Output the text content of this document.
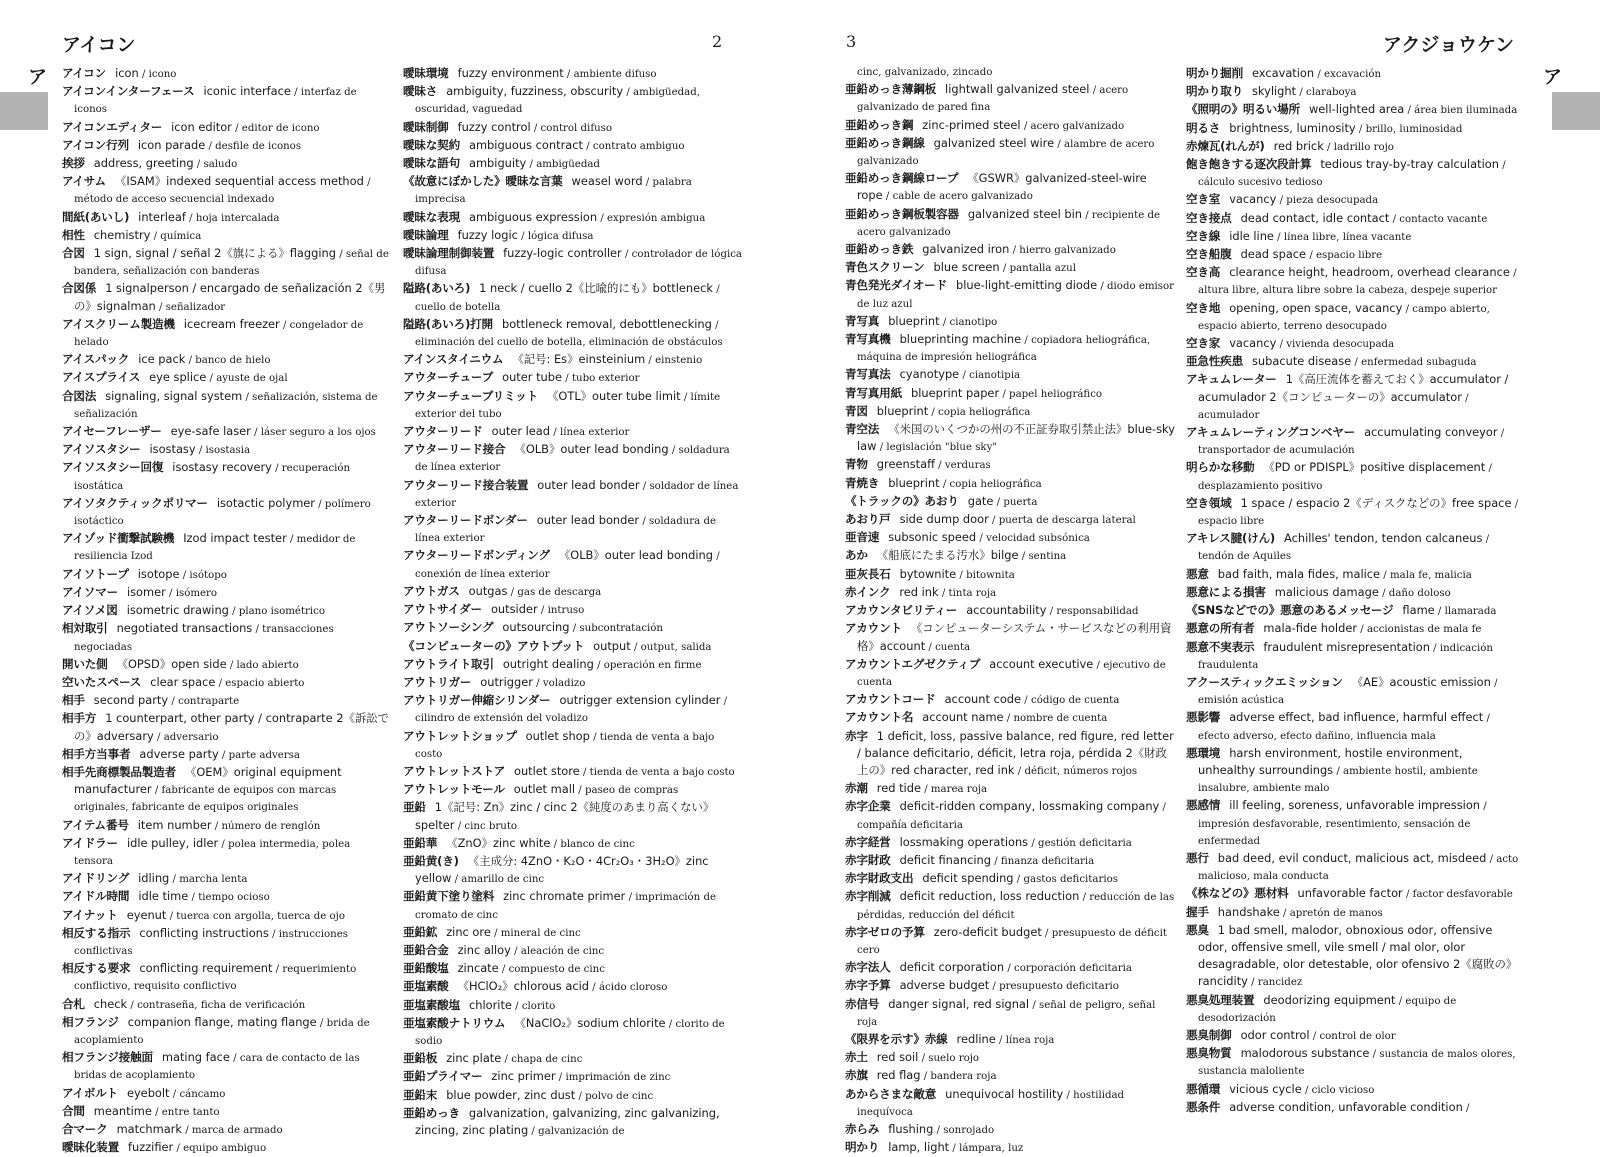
アイコン	2
ア アイコン icon / icono

アイコンインターフェース iconic interface / interfaz de iconos

アイコンエディター icon editor / editor de icono

アイコン行列 icon parade / desfile de iconos

挨拶 address, greeting / saludo

アイサム 《ISAM》indexed sequential access method / método de acceso secuencial indexado

間紙(あいし) interleaf / hoja intercalada

相性 chemistry / química

合図 1 sign, signal / señal 2《旗による》flagging / señal de bandera, señalización con banderas

合図係 1 signalperson / encargado de señalización 2《男の》signalman / señalizador

アイスクリーム製造機 icecream freezer / congelador de helado

アイスパック ice pack / banco de hielo

アイスプライス eye splice / ayuste de ojal

合図法 signaling, signal system / señalización, sistema de señalización

アイセーフレーザー eye-safe laser / láser seguro a los ojos

アイソスタシー isostasy / isostasia

アイソスタシー回復 isostasy recovery / recuperación isostática

アイソタクティックポリマー isotactic polymer / polímero isotáctico

アイゾッド衝撃試験機 Izod impact tester / medidor de resiliencia Izod

アイソトープ isotope / isótopo

アイソマー isomer / isómero

アイソメ図 isometric drawing / plano isométrico

相対取引 negotiated transactions / transacciones negociadas

開いた側 《OPSD》open side / lado abierto

空いたスペース clear space / espacio abierto

相手 second party / contraparte

相手方 1 counterpart, other party / contraparte 2《訴訟での》adversary / adversario

相手方当事者 adverse party / parte adversa

相手先商標製品製造者 《OEM》original equipment manufacturer / fabricante de equipos con marcas originales, fabricante de equipos originales

アイテム番号 item number / número de renglón

アイドラー idle pulley, idler / polea intermedia, polea tensora

アイドリング idling / marcha lenta

アイドル時間 idle time / tiempo ocioso

アイナット eyenut / tuerca con argolla, tuerca de ojo

相反する指示 conflicting instructions / instrucciones conflictivas

相反する要求 conflicting requirement / requerimiento conflictivo, requisito conflictivo

合札 check / contraseña, ficha de verificación

相フランジ companion flange, mating flange / brida de acoplamiento

相フランジ接触面 mating face / cara de contacto de las bridas de acoplamiento

アイボルト eyebolt / cáncamo

合間 meantime / entre tanto

合マーク matchmark / marca de armado

曖昧化装置 fuzzifier / equipo ambiguo

曖昧環境 fuzzy environment / ambiente difuso

曖昧さ ambiguity, fuzziness, obscurity / ambigüedad, oscuridad, vaguedad

曖昧制御 fuzzy control / control difuso

曖昧な契約 ambiguous contract / contrato ambiguo

曖昧な語句 ambiguity / ambigüedad

《故意にぼかした》曖昧な言葉 weasel word / palabra imprecisa

曖昧な表現 ambiguous expression / expresión ambigua

曖昧論理 fuzzy logic / lógica difusa

曖昧論理制御装置 fuzzy-logic controller / controlador de lógica difusa

隘路(あいろ) 1 neck / cuello 2《比喩的にも》bottleneck / cuello de botella

隘路(あいろ)打開 bottleneck removal, debottlenecking / eliminación del cuello de botella, eliminación de obstáculos

アインスタイニウム 《記号: Es》einsteinium / einstenio

アウターチューブ outer tube / tubo exterior

アウターチューブリミット 《OTL》outer tube limit / límite exterior del tubo

アウターリード outer lead / línea exterior

アウターリード接合 《OLB》outer lead bonding / soldadura de línea exterior

アウターリード接合装置 outer lead bonder / soldador de línea exterior

アウターリードボンダー outer lead bonder / soldadura de línea exterior

アウターリードボンディング 《OLB》outer lead bonding / conexión de línea exterior

アウトガス outgas / gas de descarga

アウトサイダー outsider / intruso

アウトソーシング outsourcing / subcontratación

《コンピューターの》アウトプット output / output, salida

アウトライト取引 outright dealing / operación en firme

アウトリガー outrigger / voladizo

アウトリガー伸縮シリンダー outrigger extension cylinder / cilindro de extensión del voladizo

アウトレットショップ outlet shop / tienda de venta a bajo costo

アウトレットストア outlet store / tienda de venta a bajo costo

アウトレットモール outlet mall / paseo de compras

亜鉛 1《記号: Zn》zinc / cinc 2《純度のあまり高くない》spelter / cinc bruto

亜鉛華 《ZnO》zinc white / blanco de cinc

亜鉛黄(き) 《主成分: 4ZnO・K₂O・4Cr₂O₃・3H₂O》zinc yellow / amarillo de cinc

亜鉛黄下塗り塗料 zinc chromate primer / imprimación de cromato de cinc

亜鉛鉱 zinc ore / mineral de cinc

亜鉛合金 zinc alloy / aleación de cinc

亜鉛酸塩 zincate / compuesto de cinc

亜塩素酸 《HClO₂》chlorous acid / ácido cloroso

亜塩素酸塩 chlorite / clorito

亜塩素酸ナトリウム 《NaClO₂》sodium chlorite / clorito de sodio

亜鉛板 zinc plate / chapa de cinc

亜鉛プライマー zinc primer / imprimación de zinc

亜鉛末 blue powder, zinc dust / polvo de cinc

亜鉛めっき galvanization, galvanizing, zinc galvanizing, zincing, zinc plating / galvanización de

3	アクジョウケン
ア

cinc, galvanizado, zincado

亜鉛めっき薄鋼板 lightwall galvanized steel / acero galvanizado de pared fina

亜鉛めっき鋼 zinc-primed steel / acero galvanizado

亜鉛めっき鋼線 galvanized steel wire / alambre de acero galvanizado

亜鉛めっき鋼線ロープ 《GSWR》galvanized-steel-wire rope / cable de acero galvanizado

亜鉛めっき鋼板製容器 galvanized steel bin / recipiente de acero galvanizado

亜鉛めっき鉄 galvanized iron / hierro galvanizado

青色スクリーン blue screen / pantalla azul

青色発光ダイオード blue-light-emitting diode / diodo emisor de luz azul

青写真 blueprint / cianotipo

青写真機 blueprinting machine / copiadora heliográfica, máquina de impresión heliográfica

青写真法 cyanotype / cianotipia

青写真用紙 blueprint paper / papel heliográfico

青図 blueprint / copia heliográfica

青空法 《米国のいくつかの州の不正証券取引禁止法》blue-sky law / legislación "blue sky"

青物 greenstaff / verduras

青焼き blueprint / copia heliográfica

《トラックの》あおり gate / puerta

あおり戸 side dump door / puerta de descarga lateral

亜音速 subsonic speed / velocidad subsónica

あか 《船底にたまる汚水》bilge / sentina

亜灰長石 bytownite / bitownita

赤インク red ink / tinta roja

アカウンタビリティー accountability / responsabilidad

アカウント 《コンピューターシステム・サービスなどの利用資格》account / cuenta

アカウントエグゼクティブ account executive / ejecutivo de cuenta

アカウントコード account code / código de cuenta

アカウント名 account name / nombre de cuenta

赤字 1 deficit, loss, passive balance, red figure, red letter / balance deficitario, déficit, letra roja, pérdida 2《財政上の》red character, red ink / déficit, números rojos

赤潮 red tide / marea roja

赤字企業 deficit-ridden company, lossmaking company / compañía deficitaria

赤字経営 lossmaking operations / gestión deficitaria

赤字財政 deficit financing / finanza deficitaria

赤字財政支出 deficit spending / gastos deficitarios

赤字削減 deficit reduction, loss reduction / reducción de las pérdidas, reducción del déficit

赤字ゼロの予算 zero-deficit budget / presupuesto de déficit cero

赤字法人 deficit corporation / corporación deficitaria

赤字予算 adverse budget / presupuesto deficitario

赤信号 danger signal, red signal / señal de peligro, señal roja

《限界を示す》赤線 redline / línea roja

赤土 red soil / suelo rojo

赤旗 red flag / bandera roja

あからさまな敵意 unequivocal hostility / hostilidad inequívoca

赤らみ flushing / sonrojado

明かり lamp, light / lámpara, luz

明かり掘削 excavation / excavación

明かり取り skylight / claraboya

《照明の》明るい場所 well-lighted area / área bien iluminada

明るさ brightness, luminosity / brillo, luminosidad

赤煉瓦(れんが) red brick / ladrillo rojo

飽き飽きする逐次段計算 tedious tray-by-tray calculation / cálculo sucesivo tedioso

空き室 vacancy / pieza desocupada

空き接点 dead contact, idle contact / contacto vacante

空き線 idle line / línea libre, línea vacante

空き船腹 dead space / espacio libre

空き高 clearance height, headroom, overhead clearance / altura libre, altura libre sobre la cabeza, despeje superior

空き地 opening, open space, vacancy / campo abierto, espacio abierto, terreno desocupado

空き家 vacancy / vivienda desocupada

亜急性疾患 subacute disease / enfermedad subaguda

アキュムレーター 1《高圧流体を蓄えておく》accumulator / acumulador 2《コンピューターの》accumulator / acumulador

アキュムレーティングコンベヤー accumulating conveyor / transportador de acumulación

明らかな移動 《PD or PDISPL》positive displacement / desplazamiento positivo

空き領域 1 space / espacio 2《ディスクなどの》free space / espacio libre

アキレス腱(けん) Achilles' tendon, tendon calcaneus / tendón de Aquiles

悪意 bad faith, mala fides, malice / mala fe, malicia

悪意による損害 malicious damage / daño doloso

《SNSなどでの》悪意のあるメッセージ flame / llamarada

悪意の所有者 mala-fide holder / accionistas de mala fe

悪意不実表示 fraudulent misrepresentation / indicación fraudulenta

アクースティックエミッション 《AE》acoustic emission / emisión acústica

悪影響 adverse effect, bad influence, harmful effect / efecto adverso, efecto dañino, influencia mala

悪環境 harsh environment, hostile environment, unhealthy surroundings / ambiente hostil, ambiente insalubre, ambiente malo

悪感情 ill feeling, soreness, unfavorable impression / impresión desfavorable, resentimiento, sensación de enfermedad

悪行 bad deed, evil conduct, malicious act, misdeed / acto malicioso, mala conducta

《株などの》悪材料 unfavorable factor / factor desfavorable

握手 handshake / apretón de manos

悪臭 1 bad smell, malodor, obnoxious odor, offensive odor, offensive smell, vile smell / mal olor, olor desagradable, olor detestable, olor ofensivo 2《腐敗の》rancidity / rancidez

悪臭処理装置 deodorizing equipment / equipo de desodorización

悪臭制御 odor control / control de olor

悪臭物質 malodorous substance / sustancia de malos olores, sustancia maloliente

悪循環 vicious cycle / ciclo vicioso

悪条件 adverse condition, unfavorable condition /
